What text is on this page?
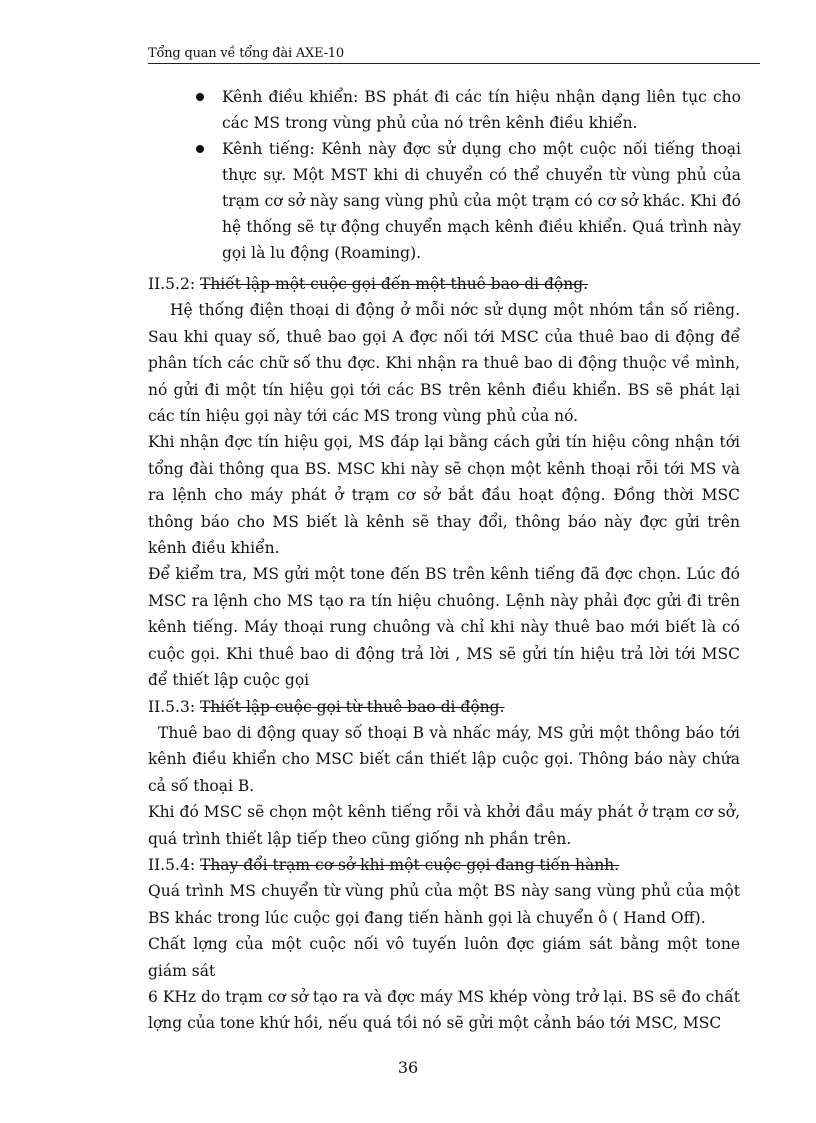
Tổng quan về tổng đài AXE-10
Kênh điều khiển: BS phát đi các tín hiệu nhận dạng liên tục cho các MS trong vùng phủ của nó trên kênh điều khiển.
Kênh tiếng: Kênh này đợc sử dụng cho một cuộc nối tiếng thoại thực sự. Một MST khi di chuyển có thể chuyển từ vùng phủ của trạm cơ sở này sang vùng phủ của một trạm có cơ sở khác. Khi đó hệ thống sẽ tự động chuyển mạch kênh điều khiển. Quá trình này gọi là lu động (Roaming).

II.5.2: Thiết lập một cuộc gọi đến một thuê bao di động.

Hệ thống điện thoại di động ở mỗi nớc sử dụng một nhóm tần số riêng. Sau khi quay số, thuê bao gọi A đợc nối tới MSC của thuê bao di động để phân tích các chữ số thu đợc. Khi nhận ra thuê bao di động thuộc về mình, nó gửi đi một tín hiệu gọi tới các BS trên kênh điều khiển. BS sẽ phát lại các tín hiệu gọi này tới các MS trong vùng phủ của nó.

Khi nhận đợc tín hiệu gọi, MS đáp lại bằng cách gửi tín hiệu công nhận tới tổng đài thông qua BS. MSC khi này sẽ chọn một kênh thoại rỗi tới MS và ra lệnh cho máy phát ở trạm cơ sở bắt đầu hoạt động. Đồng thời MSC thông báo cho MS biết là kênh sẽ thay đổi, thông báo này đợc gửi trên kênh điều khiển.

Để kiểm tra, MS gửi một tone đến BS trên kênh tiếng đã đợc chọn. Lúc đó MSC ra lệnh cho MS tạo ra tín hiệu chuông. Lệnh này phải đợc gửi đi trên kênh tiếng. Máy thoại rung chuông và chỉ khi này thuê bao mới biết là có cuộc gọi. Khi thuê bao di động trả lời , MS sẽ gửi tín hiệu trả lời tới MSC để thiết lập cuộc gọi

II.5.3: Thiết lập cuộc gọi từ thuê bao di động.

Thuê bao di động quay số thoại B và nhấc máy, MS gửi một thông báo tới kênh điều khiển cho MSC biết cần thiết lập cuộc gọi. Thông báo này chứa cả số thoại B.

Khi đó MSC sẽ chọn một kênh tiếng rỗi và khởi đầu máy phát ở trạm cơ sở, quá trình thiết lập tiếp theo cũng giống nh phần trên.

II.5.4: Thay đổi trạm cơ sở khi một cuộc gọi đang tiến hành.

Quá trình MS chuyển từ vùng phủ của một BS này sang vùng phủ của một BS khác trong lúc cuộc gọi đang tiến hành gọi là chuyển ô ( Hand Off).

Chất lợng của một cuộc nối vô tuyến luôn đợc giám sát bằng một tone giám sát

6 KHz do trạm cơ sở tạo ra và đợc máy MS khép vòng trở lại. BS sẽ đo chất lợng của tone khứ hồi, nếu quá tồi nó sẽ gửi một cảnh báo tới MSC, MSC

36
